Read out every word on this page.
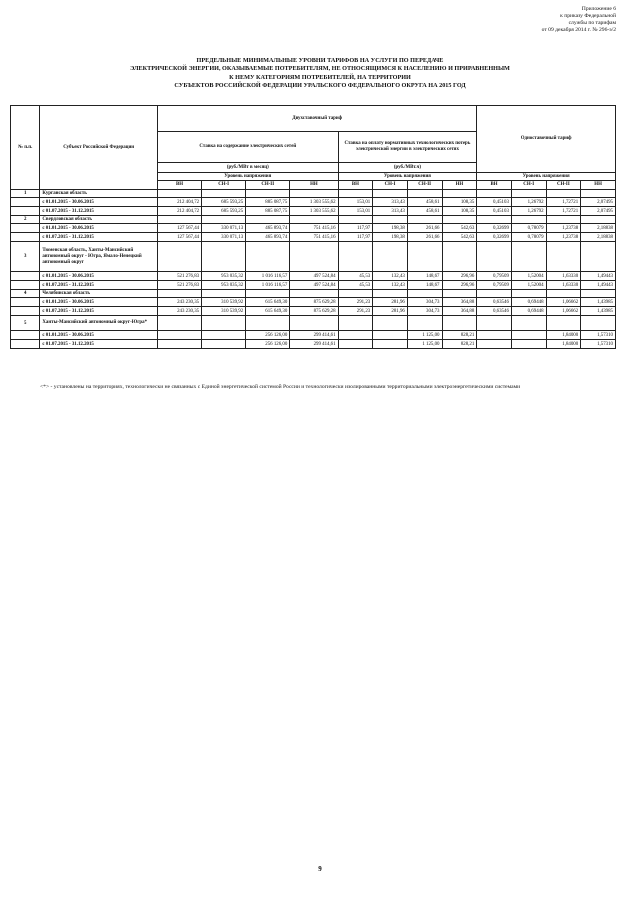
Приложение 6
к приказу Федеральной
службы по тарифам
от 09 декабря 2014 г. № 296-э/2
ПРЕДЕЛЬНЫЕ МИНИМАЛЬНЫЕ УРОВНИ ТАРИФОВ НА УСЛУГИ ПО ПЕРЕДАЧЕ
ЭЛЕКТРИЧЕСКОЙ ЭНЕРГИИ, ОКАЗЫВАЕМЫЕ ПОТРЕБИТЕЛЯМ, НЕ ОТНОСЯЩИМСЯ К НАСЕЛЕНИЮ И ПРИРАВНЕННЫМ
К НЕМУ КАТЕГОРИЯМ ПОТРЕБИТЕЛЕЙ, НА ТЕРРИТОРИИ
СУБЪЕКТОВ РОССИЙСКОЙ ФЕДЕРАЦИИ УРАЛЬСКОГО ФЕДЕРАЛЬНОГО ОКРУГА НА 2015 ГОД
№ п.п.	Субъект Российской Федерации	Двухставочный тариф								Одноставочный тариф			
		Ставка на содержание электрических сетей				Ставка на оплату нормативных технологических потерь электрической энергии в электрических сетях							
		(руб./МВт в месяц)				(руб./МВт.ч)							
		Уровень напряжения				Уровень напряжения				Уровень напряжения			
		ВН	СН-I	СН-II	НН	ВН	СН-I	СН-II	НН	ВН	СН-I	СН-II	НН
1	Курганская область												
	с 01.01.2015 - 30.06.2015	212 404,72	685 593,25	885 087,75	1 303 555,62	153,01	313,43	458,61	108,35	0,45103	1,26792	1,72721	2,07495
	с 01.07.2015 - 31.12.2015	212 404,72	685 593,25	885 087,75	1 303 555,62	153,01	313,43	458,61	108,35	0,45103	1,26792	1,72721	2,07495
2	Свердловская область												
	с 01.01.2015 - 30.06.2015	127 567,44	330 071,13	465 893,74	751 415,16	117,97	198,38	261,66	542,63	0,32699	0,78079	1,23738	2,18838
	с 01.07.2015 - 31.12.2015	127 567,44	330 071,13	465 893,74	751 415,16	117,97	198,38	261,66	542,63	0,32699	0,78079	1,23738	2,18838
3	Тюменская область, Ханты-Мансийский автономный округ - Югра, Ямало-Ненецкий автономный округ												
	с 01.01.2015 - 30.06.2015	521 276,83	953 035,32	1 016 116,57	497 524,84	45,53	132,43	148,67	296,96	0,79509	1,52004	1,63330	1,49443
	с 01.07.2015 - 31.12.2015	521 276,83	953 035,32	1 016 116,57	497 524,84	45,53	132,43	148,67	296,96	0,79509	1,52004	1,63330	1,49443
4	Челябинская область												
	с 01.01.2015 - 30.06.2015	243 230,35	310 539,92	615 649,30	875 629,28	291,23	281,96	304,73	364,88	0,63546	0,69448	1,06662	1,43985
	с 01.07.2015 - 31.12.2015	243 230,35	310 539,92	615 649,30	875 629,28	291,23	281,96	304,73	364,88	0,63546	0,69448	1,06662	1,43985
5	Ханты-Мансийский автономный округ-Югра*												
	с 01.01.2015 - 30.06.2015			256 126,00	299 414,61			1 125,00	828,21			1,84000	1,57310
	с 01.07.2015 - 31.12.2015			256 126,00	299 414,61			1 125,00	828,21			1,84000	1,57310
<*> - установлены на территориях, технологически не связанных с Единой энергетической системой России и технологически изолированными территориальными электроэнергетическими системами
9
